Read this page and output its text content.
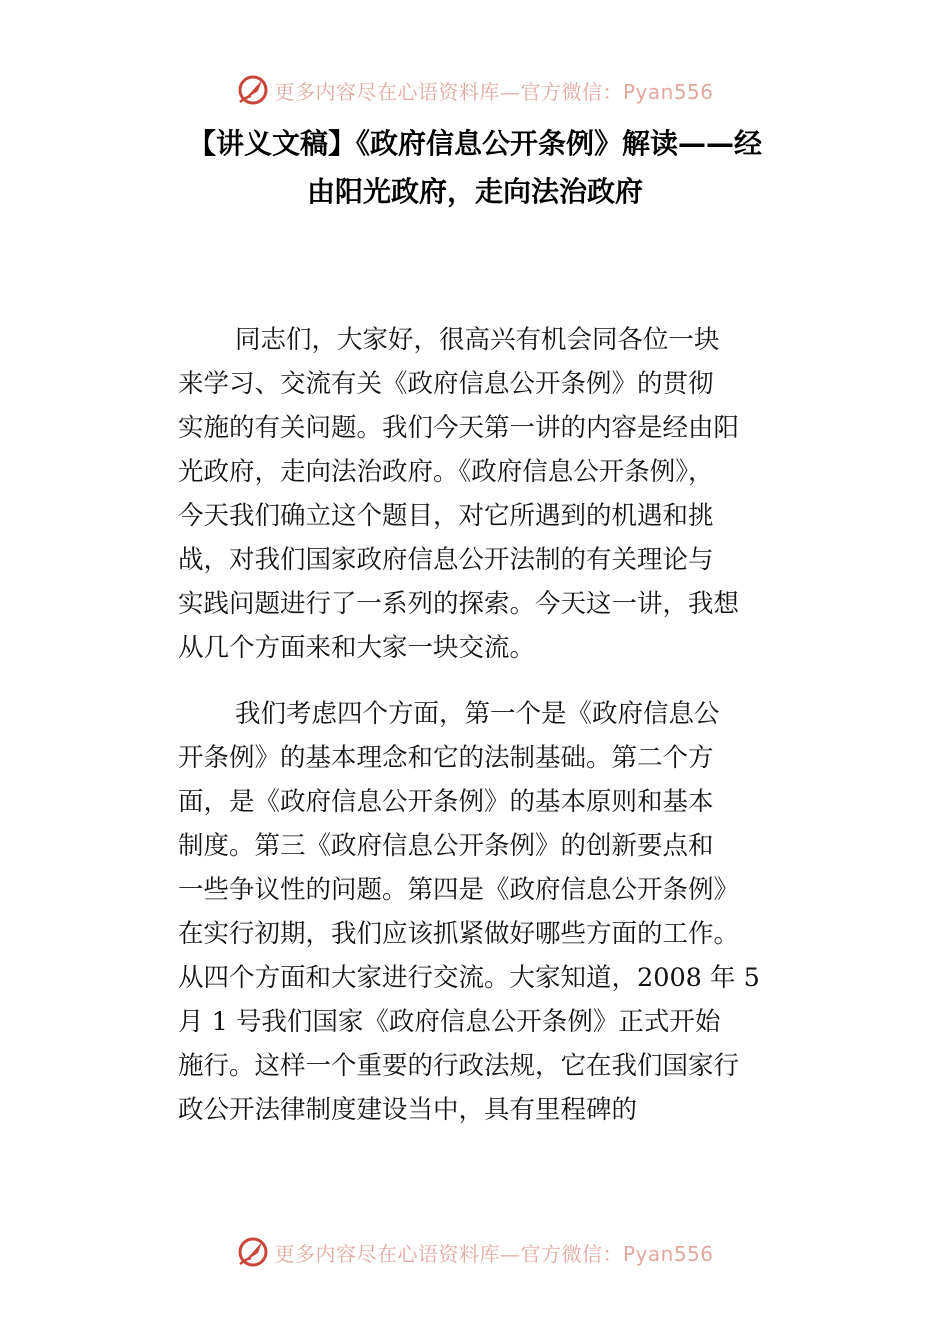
更多内容尽在心语资料库—官方微信：Pyan556
【讲义文稿】《政府信息公开条例》解读——经
由阳光政府，走向法治政府

同志们，大家好，很高兴有机会同各位一块
来学习、交流有关《政府信息公开条例》的贯彻
实施的有关问题。我们今天第一讲的内容是经由阳
光政府，走向法治政府。《政府信息公开条例》，
今天我们确立这个题目，对它所遇到的机遇和挑
战，对我们国家政府信息公开法制的有关理论与
实践问题进行了一系列的探索。今天这一讲，我想
从几个方面来和大家一块交流。

我们考虑四个方面，第一个是《政府信息公
开条例》的基本理念和它的法制基础。第二个方
面，是《政府信息公开条例》的基本原则和基本
制度。第三《政府信息公开条例》的创新要点和
一些争议性的问题。第四是《政府信息公开条例》
在实行初期，我们应该抓紧做好哪些方面的工作。
从四个方面和大家进行交流。大家知道，2008 年 5
月 1 号我们国家《政府信息公开条例》正式开始
施行。这样一个重要的行政法规，它在我们国家行
政公开法律制度建设当中，具有里程碑的

更多内容尽在心语资料库—官方微信：Pyan556
